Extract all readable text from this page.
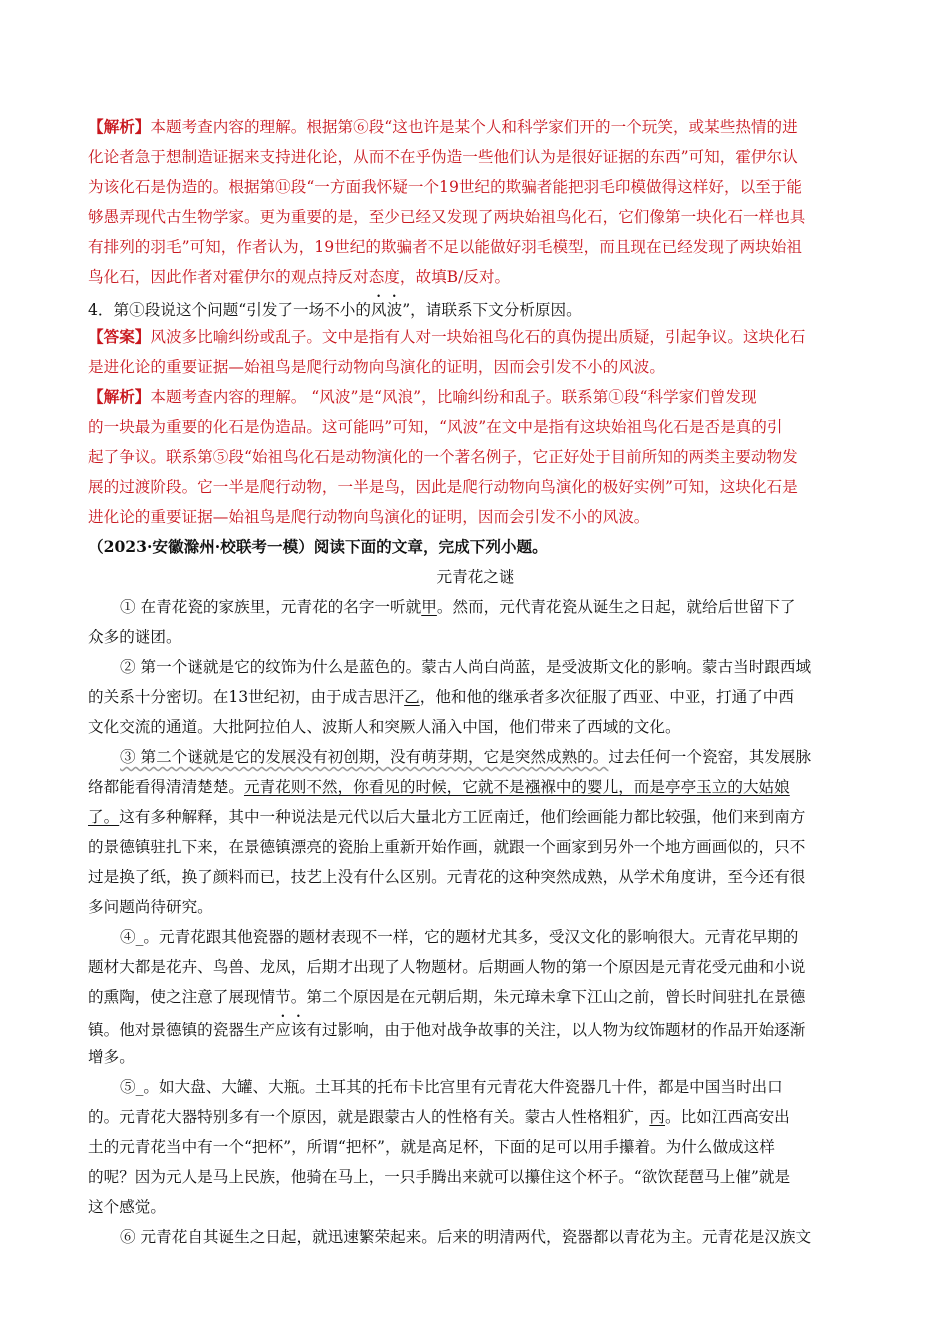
【解析】本题考查内容的理解。根据第⑥段“这也许是某个人和科学家们开的一个玩笑，或某些热情的进
化论者急于想制造证据来支持进化论，从而不在乎伪造一些他们认为是很好证据的东西”可知，霍伊尔认
为该化石是伪造的。根据第⑪段“一方面我怀疑一个19世纪的欺骗者能把羽毛印模做得这样好，以至于能
够愚弄现代古生物学家。更为重要的是，至少已经又发现了两块始祖鸟化石，它们像第一块化石一样也具
有排列的羽毛”可知，作者认为，19世纪的欺骗者不足以能做好羽毛模型，而且现在已经发现了两块始祖
鸟化石，因此作者对霍伊尔的观点持反对态度，故填B/反对。
4．第①段说这个问题“引发了一场不小的风波”，请联系下文分析原因。
【答案】风波多比喻纠纷或乱子。文中是指有人对一块始祖鸟化石的真伪提出质疑，引起争议。这块化石
是进化论的重要证据—始祖鸟是爬行动物向鸟演化的证明，因而会引发不小的风波。
【解析】本题考查内容的理解。 “风波”是“风浪”，比喻纠纷和乱子。联系第①段“科学家们曾发现
的一块最为重要的化石是伪造品。这可能吗”可知，“风波”在文中是指有这块始祖鸟化石是否是真的引
起了争议。联系第⑤段“始祖鸟化石是动物演化的一个著名例子，它正好处于目前所知的两类主要动物发
展的过渡阶段。它一半是爬行动物，一半是鸟，因此是爬行动物向鸟演化的极好实例”可知，这块化石是
进化论的重要证据—始祖鸟是爬行动物向鸟演化的证明，因而会引发不小的风波。
（2023·安徽滁州·校联考一模）阅读下面的文章，完成下列小题。
元青花之谜
① 在青花瓷的家族里，元青花的名字一听就甲。然而，元代青花瓷从诞生之日起，就给后世留下了
众多的谜团。
② 第一个谜就是它的纹饰为什么是蓝色的。蒙古人尚白尚蓝，是受波斯文化的影响。蒙古当时跟西域
的关系十分密切。在13世纪初，由于成吉思汗乙，他和他的继承者多次征服了西亚、中亚，打通了中西
文化交流的通道。大批阿拉伯人、波斯人和突厥人涌入中国，他们带来了西域的文化。
③ 第二个谜就是它的发展没有初创期，没有萌芽期，它是突然成熟的。过去任何一个瓷窑，其发展脉
络都能看得清清楚楚。元青花则不然，你看见的时候，它就不是襁褓中的婴儿，而是亭亭玉立的大姑娘
了。这有多种解释，其中一种说法是元代以后大量北方工匠南迁，他们绘画能力都比较强，他们来到南方
的景德镇驻扎下来，在景德镇漂亮的瓷胎上重新开始作画，就跟一个画家到另外一个地方画画似的，只不
过是换了纸，换了颜料而已，技艺上没有什么区别。元青花的这种突然成熟，从学术角度讲，至今还有很
多问题尚待研究。
④_。元青花跟其他瓷器的题材表现不一样，它的题材尤其多，受汉文化的影响很大。元青花早期的
题材大都是花卉、鸟兽、龙凤，后期才出现了人物题材。后期画人物的第一个原因是元青花受元曲和小说
的熏陶，使之注意了展现情节。第二个原因是在元朝后期，朱元璋未拿下江山之前，曾长时间驻扎在景德
镇。他对景德镇的瓷器生产应该有过影响，由于他对战争故事的关注，以人物为纹饰题材的作品开始逐渐
增多。
⑤_。如大盘、大罐、大瓶。土耳其的托布卡比宫里有元青花大件瓷器几十件，都是中国当时出口
的。元青花大器特别多有一个原因，就是跟蒙古人的性格有关。蒙古人性格粗犷，丙。比如江西高安出
土的元青花当中有一个“把杯”，所谓“把杯”，就是高足杯，下面的足可以用手攥着。为什么做成这样
的呢？因为元人是马上民族，他骑在马上，一只手腾出来就可以攥住这个杯子。“欲饮琵琶马上催”就是
这个感觉。
⑥ 元青花自其诞生之日起，就迅速繁荣起来。后来的明清两代，瓷器都以青花为主。元青花是汉族文
